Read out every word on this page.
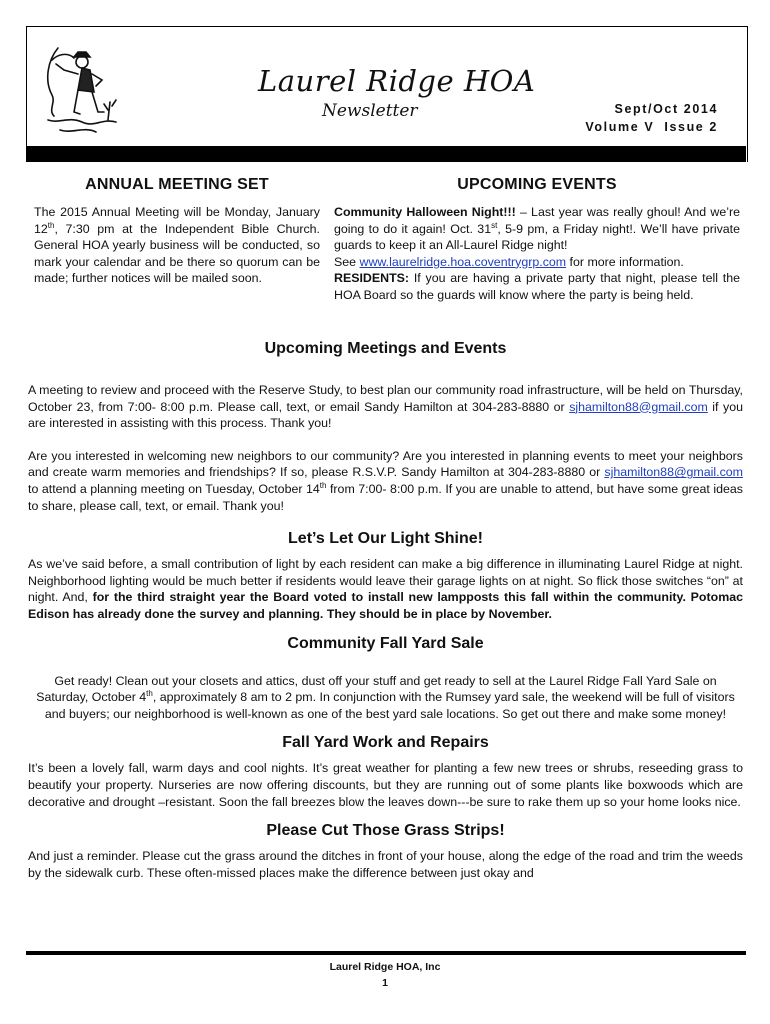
Laurel Ridge HOA
Newsletter	Sept/Oct 2014
Volume V  Issue 2
ANNUAL MEETING SET

The 2015 Annual Meeting will be Monday, January 12th, 7:30 pm at the Independent Bible Church. General HOA yearly business will be conducted, so mark your calendar and be there so quorum can be made; further notices will be mailed soon.

UPCOMING EVENTS

Community Halloween Night!!! – Last year was really ghoul! And we’re going to do it again! Oct. 31st, 5-9 pm, a Friday night!. We’ll have private guards to keep it an All-Laurel Ridge night!
See www.laurelridge.hoa.coventrygrp.com for more information.
RESIDENTS: If you are having a private party that night, please tell the HOA Board so the guards will know where the party is being held.

Upcoming Meetings and Events

A meeting to review and proceed with the Reserve Study, to best plan our community road infrastructure, will be held on Thursday, October 23, from 7:00- 8:00 p.m. Please call, text, or email Sandy Hamilton at 304-283-8880 or sjhamilton88@gmail.com if you are interested in assisting with this process. Thank you!

Are you interested in welcoming new neighbors to our community? Are you interested in planning events to meet your neighbors and create warm memories and friendships? If so, please R.S.V.P. Sandy Hamilton at 304-283-8880 or sjhamilton88@gmail.com to attend a planning meeting on Tuesday, October 14th from 7:00- 8:00 p.m. If you are unable to attend, but have some great ideas to share, please call, text, or email. Thank you!

Let’s Let Our Light Shine!

As we’ve said before, a small contribution of light by each resident can make a big difference in illuminating Laurel Ridge at night. Neighborhood lighting would be much better if residents would leave their garage lights on at night. So flick those switches “on” at night. And, for the third straight year the Board voted to install new lampposts this fall within the community. Potomac Edison has already done the survey and planning. They should be in place by November.

Community Fall Yard Sale

Get ready! Clean out your closets and attics, dust off your stuff and get ready to sell at the Laurel Ridge Fall Yard Sale on Saturday, October 4th, approximately 8 am to 2 pm. In conjunction with the Rumsey yard sale, the weekend will be full of visitors and buyers; our neighborhood is well-known as one of the best yard sale locations. So get out there and make some money!

Fall Yard Work and Repairs

It’s been a lovely fall, warm days and cool nights. It’s great weather for planting a few new trees or shrubs, reseeding grass to beautify your property. Nurseries are now offering discounts, but they are running out of some plants like boxwoods which are decorative and drought –resistant. Soon the fall breezes blow the leaves down---be sure to rake them up so your home looks nice.

Please Cut Those Grass Strips!

And just a reminder. Please cut the grass around the ditches in front of your house, along the edge of the road and trim the weeds by the sidewalk curb. These often-missed places make the difference between just okay and

Laurel Ridge HOA, Inc
1
